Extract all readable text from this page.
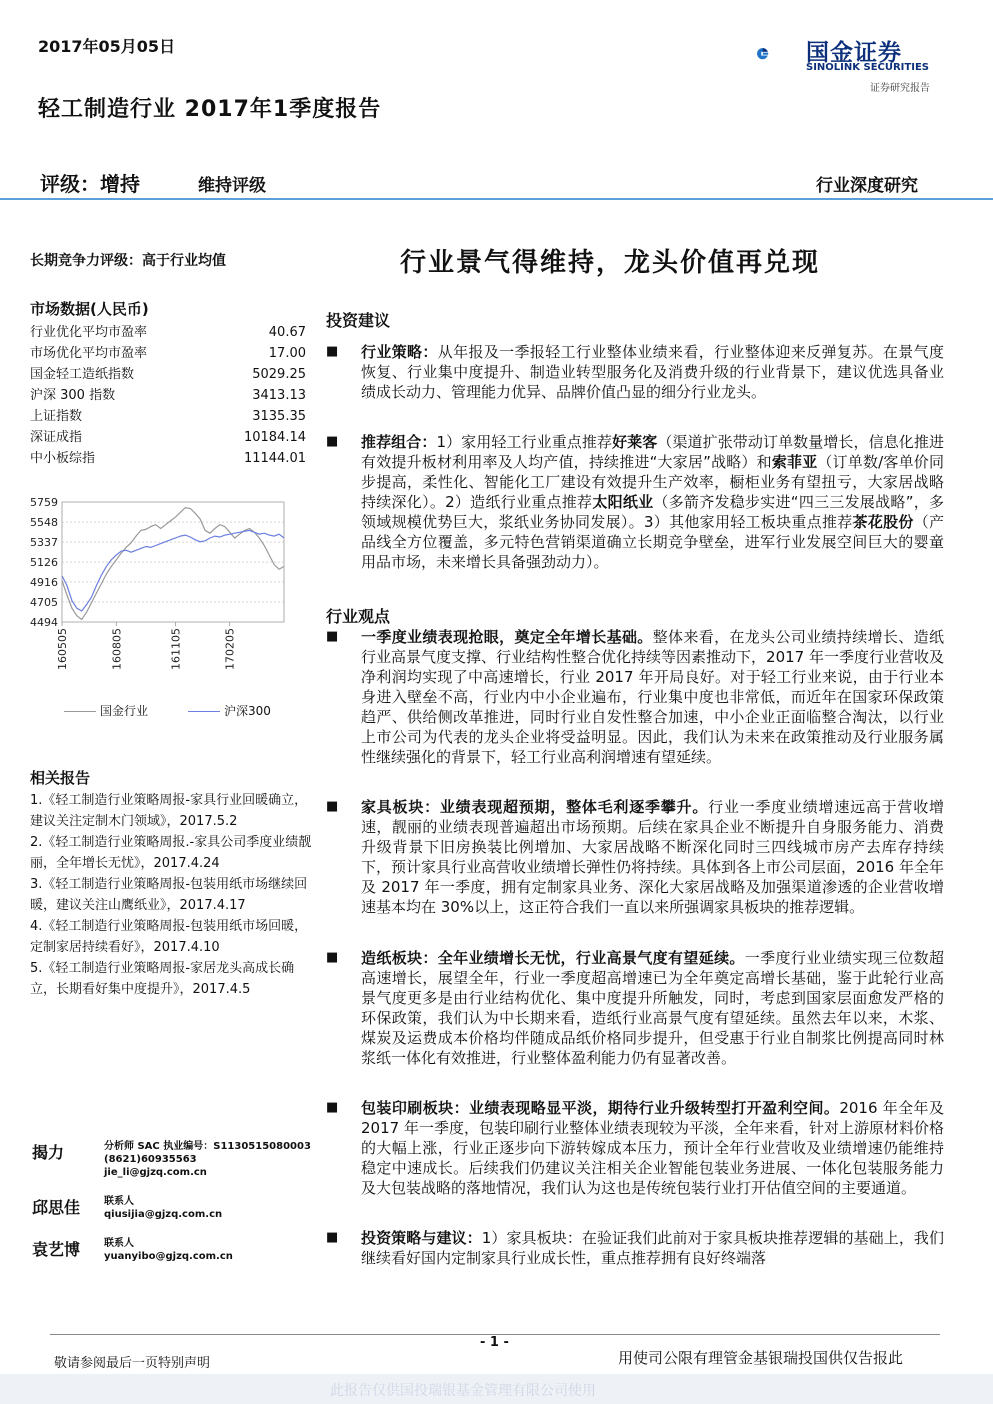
2017年05月05日	国金证券
SINOLINK SECURITIES
证券研究报告
轻工制造行业 2017年1季度报告
评级：增持	维持评级	行业深度研究
长期竞争力评级：高于行业均值	行业景气得维持，龙头价值再兑现
市场数据(人民币)
行业优化平均市盈率	40.67
市场优化平均市盈率	17.00
国金轻工造纸指数	5029.25
沪深 300 指数	3413.13
上证指数	3135.35
深证成指	10184.14
中小板综指	11144.01
5759
5548
5337
5126
4916
4705
4494
160505	160805	161105	170205
国金行业	沪深300
相关报告
1.《轻工制造行业策略周报-家具行业回暖确立，建议关注定制木门领域》，2017.5.2
2.《轻工制造行业策略周报.-家具公司季度业绩靓丽，全年增长无忧》，2017.4.24
3.《轻工制造行业策略周报-包装用纸市场继续回暖，建议关注山鹰纸业》，2017.4.17
4.《轻工制造行业策略周报-包装用纸市场回暖，定制家居持续看好》，2017.4.10
5.《轻工制造行业策略周报-家居龙头高成长确立，长期看好集中度提升》，2017.4.5
揭力	分析师 SAC 执业编号：S1130515080003
(8621)60935563
jie_li@gjzq.com.cn
邱思佳	联系人
qiusijia@gjzq.com.cn
袁艺博	联系人
yuanyibo@gjzq.com.cn
投资建议
■ 行业策略：从年报及一季报轻工行业整体业绩来看，行业整体迎来反弹复苏。在景气度恢复、行业集中度提升、制造业转型服务化及消费升级的行业背景下，建议优选具备业绩成长动力、管理能力优异、品牌价值凸显的细分行业龙头。
■ 推荐组合：1）家用轻工行业重点推荐好莱客（渠道扩张带动订单数量增长，信息化推进有效提升板材利用率及人均产值，持续推进“大家居”战略）和索菲亚（订单数/客单价同步提高，柔性化、智能化工厂建设有效提升生产效率，橱柜业务有望扭亏，大家居战略持续深化）。2）造纸行业重点推荐太阳纸业（多箭齐发稳步实进“四三三发展战略”，多领域规模优势巨大，浆纸业务协同发展）。3）其他家用轻工板块重点推荐茶花股份（产品线全方位覆盖，多元特色营销渠道确立长期竞争壁垒，进军行业发展空间巨大的婴童用品市场，未来增长具备强劲动力）。
行业观点
■ 一季度业绩表现抢眼，奠定全年增长基础。整体来看，在龙头公司业绩持续增长、造纸行业高景气度支撑、行业结构性整合优化持续等因素推动下，2017 年一季度行业营收及净利润均实现了中高速增长，行业 2017 年开局良好。对于轻工行业来说，由于行业本身进入壁垒不高，行业内中小企业遍布，行业集中度也非常低，而近年在国家环保政策趋严、供给侧改革推进，同时行业自发性整合加速，中小企业正面临整合淘汰，以行业上市公司为代表的龙头企业将受益明显。因此，我们认为未来在政策推动及行业服务属性继续强化的背景下，轻工行业高利润增速有望延续。
■ 家具板块：业绩表现超预期，整体毛利逐季攀升。行业一季度业绩增速远高于营收增速，靓丽的业绩表现普遍超出市场预期。后续在家具企业不断提升自身服务能力、消费升级背景下旧房换装比例增加、大家居战略不断深化同时三四线城市房产去库存持续下，预计家具行业高营收业绩增长弹性仍将持续。具体到各上市公司层面，2016 年全年及 2017 年一季度，拥有定制家具业务、深化大家居战略及加强渠道渗透的企业营收增速基本均在 30%以上，这正符合我们一直以来所强调家具板块的推荐逻辑。
■ 造纸板块：全年业绩增长无忧，行业高景气度有望延续。一季度行业业绩实现三位数超高速增长，展望全年，行业一季度超高增速已为全年奠定高增长基础，鉴于此轮行业高景气度更多是由行业结构优化、集中度提升所触发，同时，考虑到国家层面愈发严格的环保政策，我们认为中长期来看，造纸行业高景气度有望延续。虽然去年以来，木浆、煤炭及运费成本价格均伴随成品纸价格同步提升，但受惠于行业自制浆比例提高同时林浆纸一体化有效推进，行业整体盈利能力仍有显著改善。
■ 包装印刷板块：业绩表现略显平淡，期待行业升级转型打开盈利空间。2016 年全年及 2017 年一季度，包装印刷行业整体业绩表现较为平淡，全年来看，针对上游原材料价格的大幅上涨，行业正逐步向下游转嫁成本压力，预计全年行业营收及业绩增速仍能维持稳定中速成长。后续我们仍建议关注相关企业智能包装业务进展、一体化包装服务能力及大包装战略的落地情况，我们认为这也是传统包装行业打开估值空间的主要通道。
■ 投资策略与建议：1）家具板块：在验证我们此前对于家具板块推荐逻辑的基础上，我们继续看好国内定制家具行业成长性，重点推荐拥有良好终端落
- 1 -
敬请参阅最后一页特别声明	用使司公限有理管金基银瑞投国供仅告报此
此报告仅供国投瑞银基金管理有限公司使用
